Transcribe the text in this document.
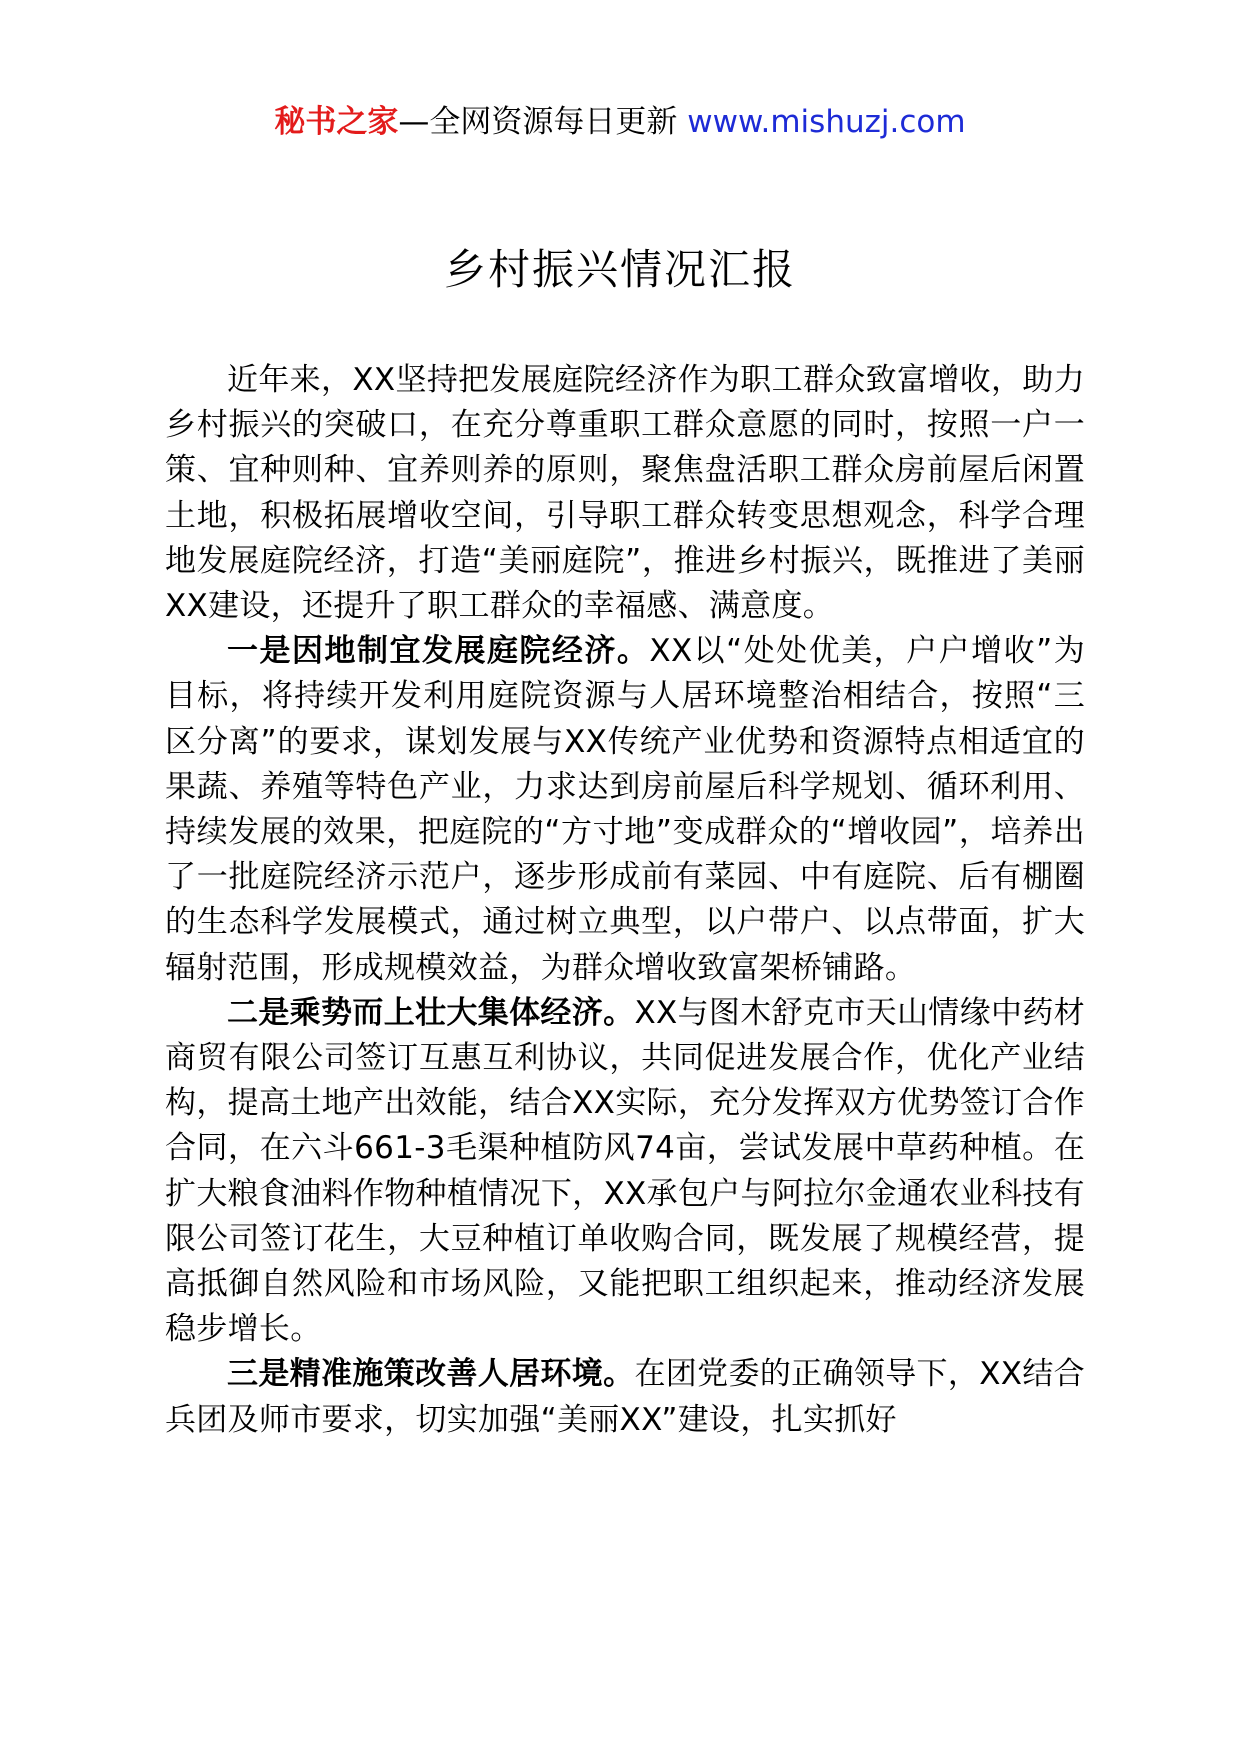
秘书之家—全网资源每日更新 www.mishuzj.com
乡村振兴情况汇报

近年来，XX坚持把发展庭院经济作为职工群众致富增收，助力乡村振兴的突破口，在充分尊重职工群众意愿的同时，按照一户一策、宜种则种、宜养则养的原则，聚焦盘活职工群众房前屋后闲置土地，积极拓展增收空间，引导职工群众转变思想观念，科学合理地发展庭院经济，打造“美丽庭院”，推进乡村振兴，既推进了美丽XX建设，还提升了职工群众的幸福感、满意度。

一是因地制宜发展庭院经济。XX以“处处优美，户户增收”为目标，将持续开发利用庭院资源与人居环境整治相结合，按照“三区分离”的要求，谋划发展与XX传统产业优势和资源特点相适宜的果蔬、养殖等特色产业，力求达到房前屋后科学规划、循环利用、持续发展的效果，把庭院的“方寸地”变成群众的“增收园”，培养出了一批庭院经济示范户，逐步形成前有菜园、中有庭院、后有棚圈的生态科学发展模式，通过树立典型，以户带户、以点带面，扩大辐射范围，形成规模效益，为群众增收致富架桥铺路。

二是乘势而上壮大集体经济。XX与图木舒克市天山情缘中药材商贸有限公司签订互惠互利协议，共同促进发展合作，优化产业结构，提高土地产出效能，结合XX实际，充分发挥双方优势签订合作合同，在六斗661-3毛渠种植防风74亩，尝试发展中草药种植。在扩大粮食油料作物种植情况下，XX承包户与阿拉尔金通农业科技有限公司签订花生，大豆种植订单收购合同，既发展了规模经营，提高抵御自然风险和市场风险，又能把职工组织起来，推动经济发展稳步增长。

三是精准施策改善人居环境。在团党委的正确领导下，XX结合兵团及师市要求，切实加强“美丽XX”建设，扎实抓好
